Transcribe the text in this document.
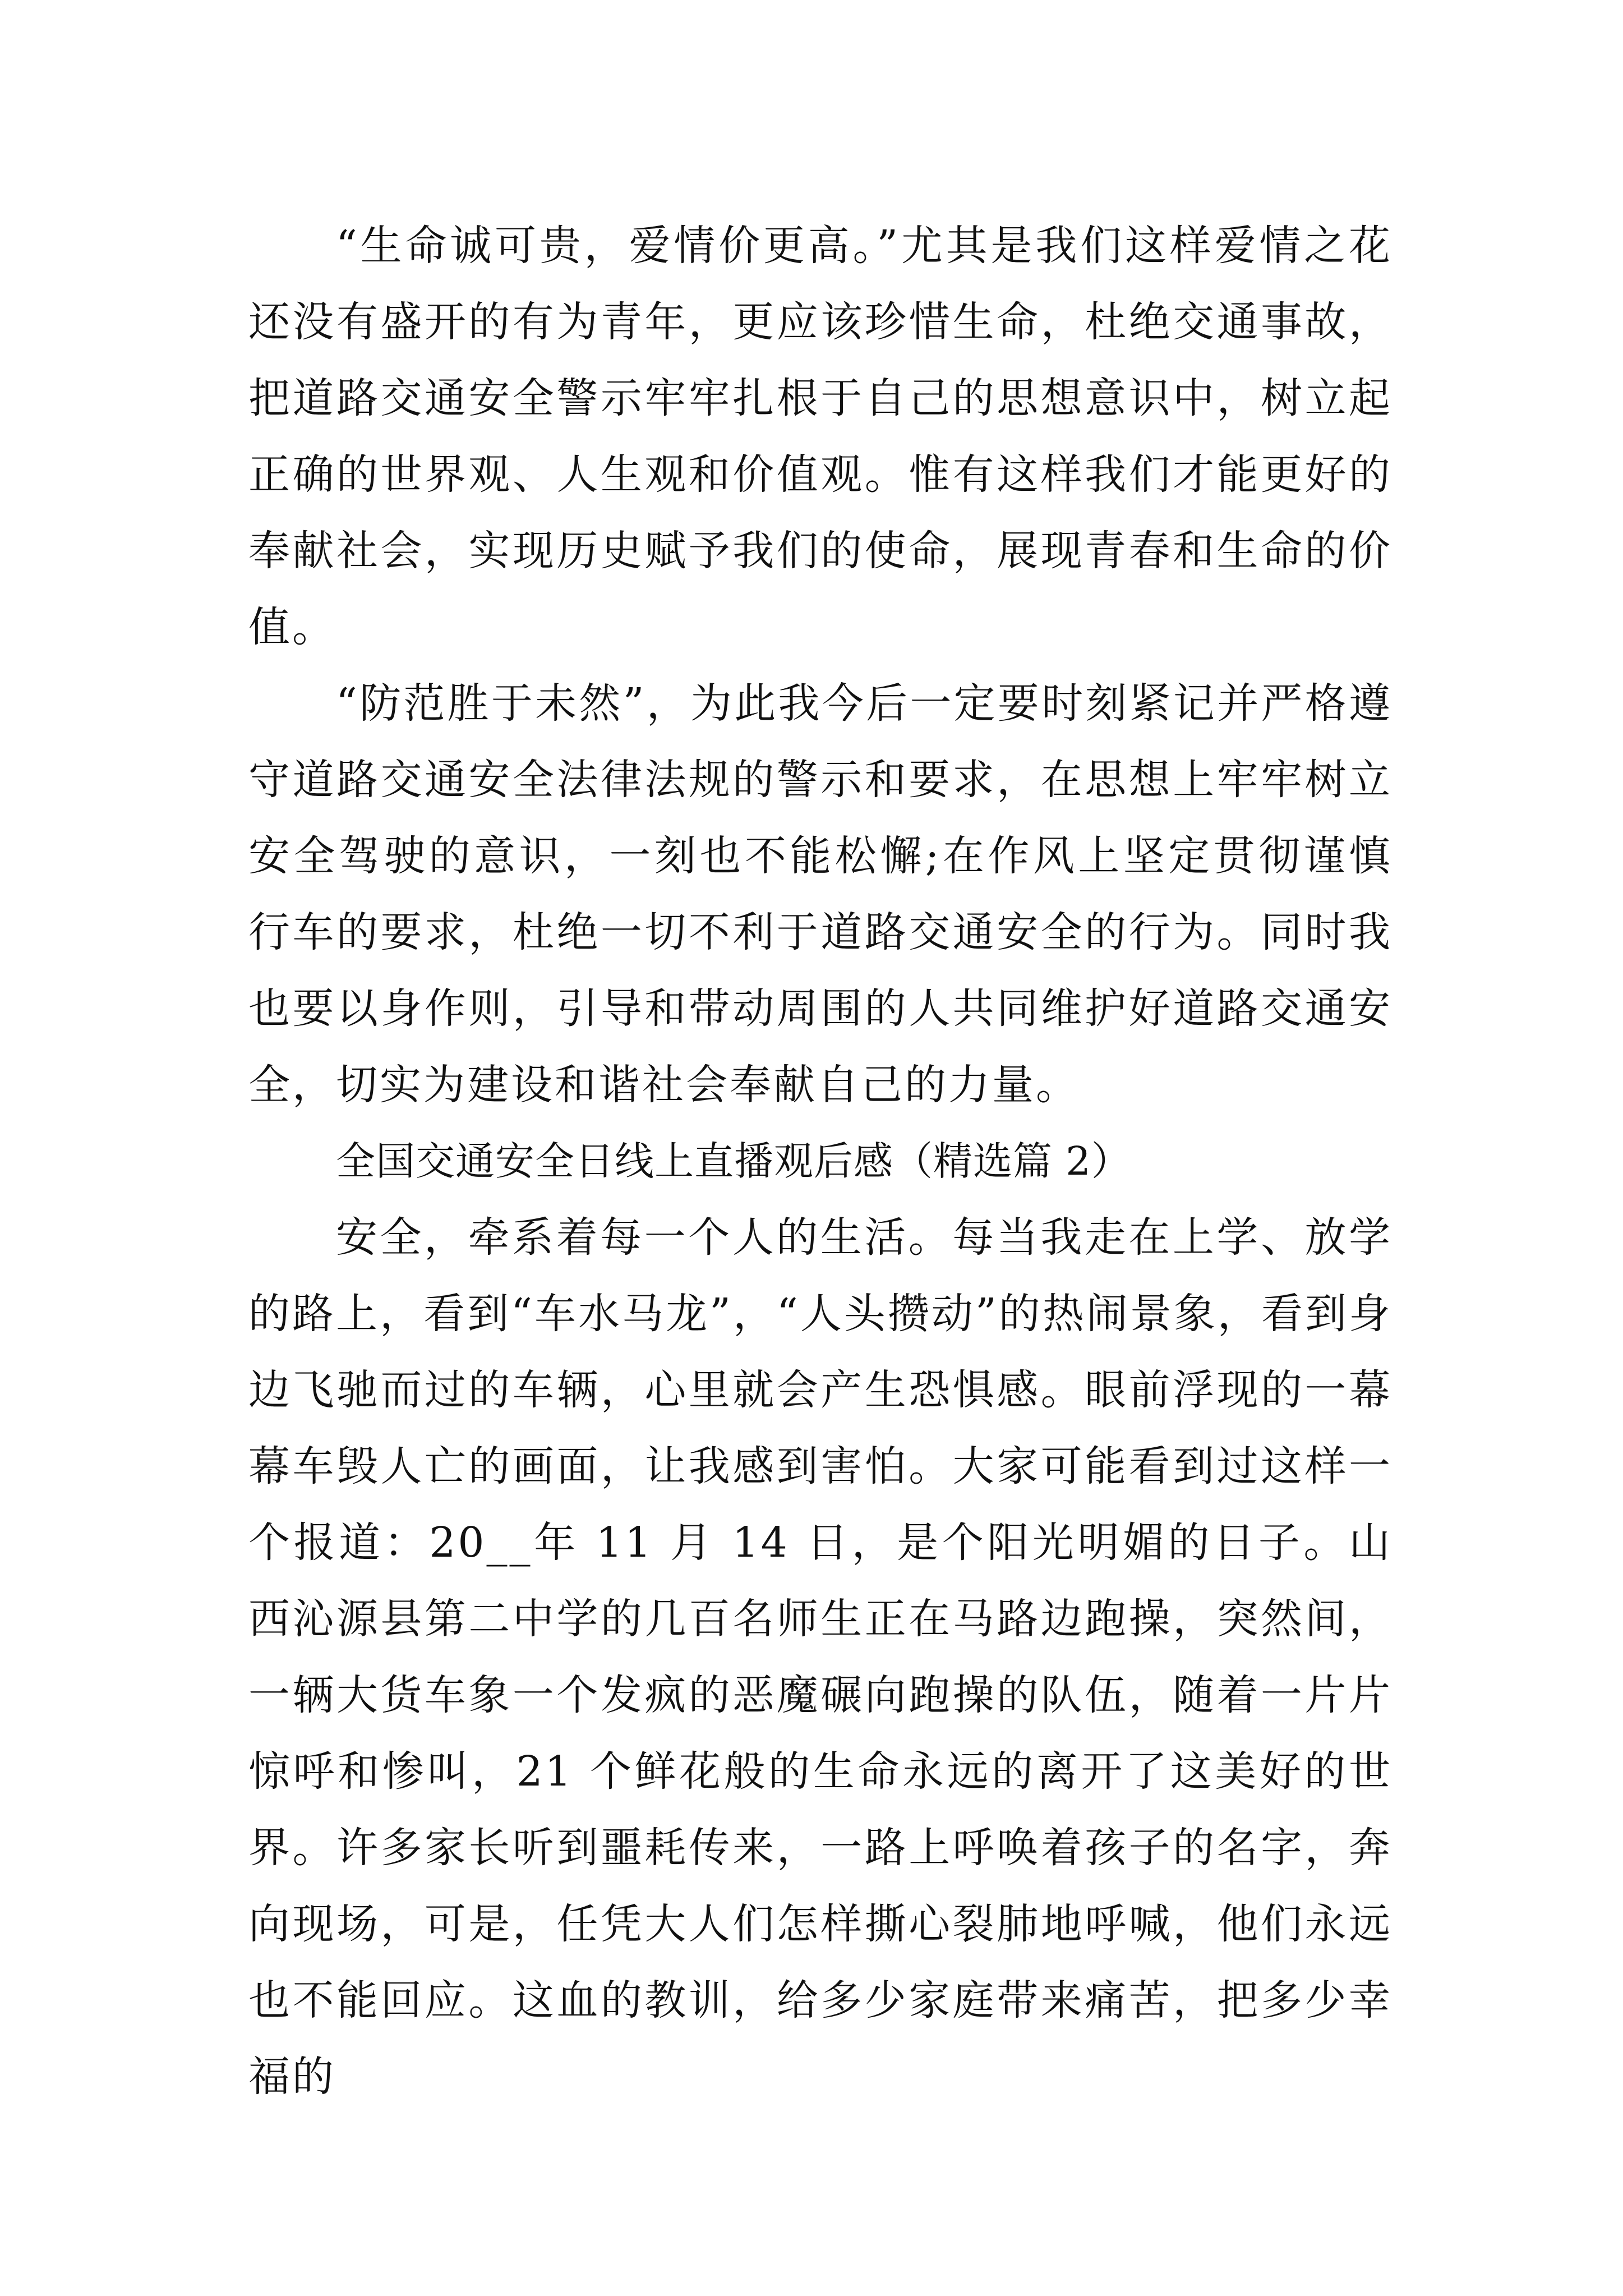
“生命诚可贵，爱情价更高。”尤其是我们这样爱情之花还没有盛开的有为青年，更应该珍惜生命，杜绝交通事故，把道路交通安全警示牢牢扎根于自己的思想意识中，树立起正确的世界观、人生观和价值观。惟有这样我们才能更好的奉献社会，实现历史赋予我们的使命，展现青春和生命的价值。

“防范胜于未然”，为此我今后一定要时刻紧记并严格遵守道路交通安全法律法规的警示和要求，在思想上牢牢树立安全驾驶的意识，一刻也不能松懈;在作风上坚定贯彻谨慎行车的要求，杜绝一切不利于道路交通安全的行为。同时我也要以身作则，引导和带动周围的人共同维护好道路交通安全，切实为建设和谐社会奉献自己的力量。

全国交通安全日线上直播观后感（精选篇 2）

安全，牵系着每一个人的生活。每当我走在上学、放学的路上，看到“车水马龙”，“人头攒动”的热闹景象，看到身边飞驰而过的车辆，心里就会产生恐惧感。眼前浮现的一幕幕车毁人亡的画面，让我感到害怕。大家可能看到过这样一个报道：20__年 11 月 14 日，是个阳光明媚的日子。山西沁源县第二中学的几百名师生正在马路边跑操，突然间，一辆大货车象一个发疯的恶魔碾向跑操的队伍，随着一片片惊呼和惨叫，21 个鲜花般的生命永远的离开了这美好的世界。许多家长听到噩耗传来，一路上呼唤着孩子的名字，奔向现场，可是，任凭大人们怎样撕心裂肺地呼喊，他们永远也不能回应。这血的教训，给多少家庭带来痛苦，把多少幸福的
